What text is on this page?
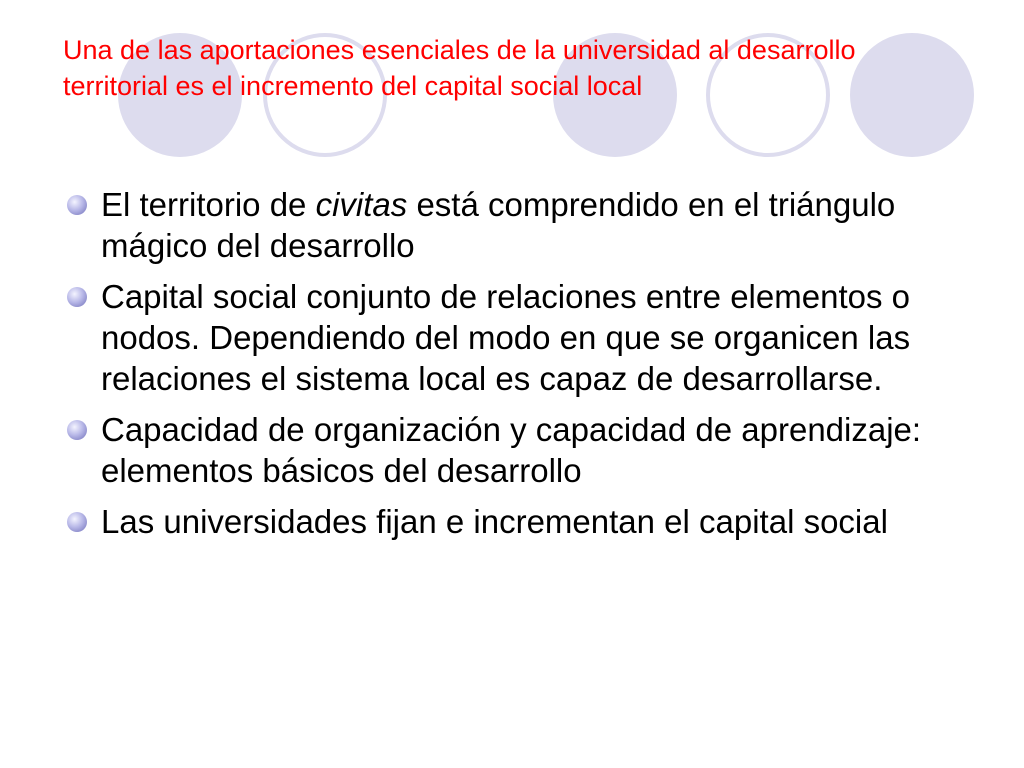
Una de las aportaciones esenciales de la universidad al desarrollo territorial es el incremento del capital social local
El territorio de civitas está comprendido en el triángulo mágico del desarrollo
Capital social conjunto de relaciones entre elementos o nodos. Dependiendo del modo en que se organicen las relaciones el sistema local es capaz de desarrollarse.
Capacidad de organización y capacidad de aprendizaje: elementos básicos del desarrollo
Las universidades fijan e incrementan el capital social
